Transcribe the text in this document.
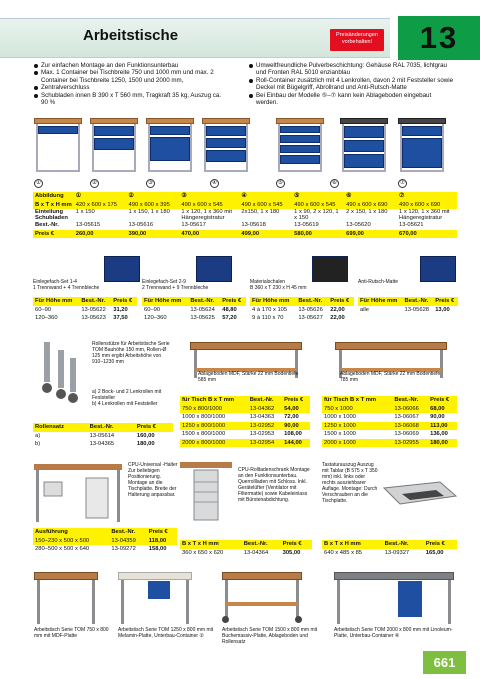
Arbeitstische	Preisänderungen vorbehalten!	13
Zur einfachen Montage an den Funktionsunterbau
Max. 1 Container bei Tischbreite 750 und 1000 mm und max. 2 Container bei Tischbreite 1250, 1500 und 2000 mm,
Zentralverschluss
Schubladen innen B 390 x T 560 mm, Tragkraft 35 kg, Auszug ca. 90 %
Umweltfreundliche Pulverbeschichtung: Gehäuse RAL 7035, lichtgrau und Fronten RAL 5010 enzianblau
Roll-Container zusätzlich mit 4 Lenkrollen, davon 2 mit Feststeller sowie Deckel mit Bügelgriff, Abrollrand und Anti-Rutsch-Matte
Bei Einbau der Modelle ⑤–⑦ kann kein Ablageboden eingebaut werden.
①	②	③	④	⑤	⑥	⑦
Abbildung	①	②	③	④	⑤	⑥	⑦
B x T x H mm	420 x 600 x 175	490 x 600 x 395	490 x 600 x 545	490 x 600 x 545	490 x 600 x 545	490 x 600 x 690	490 x 600 x 690
Einteilung Schubladen	1 x 150	1 x 150, 1 x 180	1 x 120, 1 x 360 mit Hängeregistratur	2x150, 1 x 180	1 x 90, 2 x 120, 1 x 150	2 x 150, 1 x 180	1 x 120, 1 x 360 mit Hängeregistratur
Best.-Nr.	13-05615	13-05616	13-05617	13-05618	13-05619	13-05620	13-05621
Preis €	260,00	390,00	470,00	499,00	580,00	699,00	670,00
Einlegefach-Set 1-4
1 Trennwand + 4 Trennbleche
Einlegefach-Set 2-9
2 Trennwand + 9 Trennbleche
Materialschalen
B 360 x T 230 x H 45 mm
Anti-Rutsch-Matte
Für Höhe mm	Best.-Nr.	Preis €
60–90	13-05622	31,20
120–360	13-05623	37,50
Für Höhe mm	Best.-Nr.	Preis €
60–90	13-05624	48,80
120–360	13-05625	57,20
Für Höhe mm	Best.-Nr.	Preis €
4 à 170 x 105	13-05626	22,00
9 à 110 x 70	13-05627	22,00
Für Höhe mm	Best.-Nr.	Preis €
alle	13-05628	13,00
Rollenstütze für Arbeitstische Serie TOM Bauhöhe 150 mm, Rollen-Ø 125 mm ergibt Arbeitshöhe von 910–1230 mm
a) 2 Bock- und 2 Lenkrollen mit Feststeller
b) 4 Lenkrollen mit Feststeller
Rollensatz	Best.-Nr.	Preis €
a)	13-05614	160,00
b)	13-04365	180,00
Ablageboden MDF, Stärke 22 mm Bodentiefe 585 mm
Ablageboden MDF, Stärke 22 mm Bodentiefe 785 mm
für Tisch B x T mm	Best.-Nr.	Preis €
750 x 800/1000	13-04362	54,00
1000 x 800/1000	13-04363	72,00
1250 x 800/1000	13-02952	90,00
1500 x 800/1000	13-02953	108,00
2000 x 800/1000	13-02954	144,00
für Tisch B x T mm	Best.-Nr.	Preis €
750 x 1000	13-06066	68,00
1000 x 1000	13-06067	90,00
1250 x 1000	13-06068	113,00
1500 x 1000	13-06069	136,00
2000 x 1000	13-02955	180,00
CPU-Universal -Halter Zur beliebigen Positionierung. Montage an die Tischplatte. Breite der Halterung anpassbar.
Ausführung	Best.-Nr.	Preis €
150–230 x 500 x 500	13-04359	118,00
280–500 x 500 x 640	13-09272	158,00
CPU-Rolltadenschrank Montage an den Funktionsunterbau. Querrollladen mit Schloss. Inkl. Gerätelüfter (Ventilator mit Filtermatte) sowie Kabeleinlass mit Bürstenabdichtung.
B x T x H mm	Best.-Nr.	Preis €
360 x 650 x 620	13-04364	305,00
Tastaturauszug Auszug mit Tablar (B 575 x T 350 mm) inkl. links oder rechts ausziehbarer Auflage. Montage: Durch Verschrauben an die Tischplatte.
B x T x H mm	Best.-Nr.	Preis €
640 x 485 x 85	13-09327	165,00
Arbeitstisch Serie TOM 750 x 800 mm mit MDF-Platte
Arbeitstisch Serie TOM 1250 x 800 mm mit Melamin-Platte, Unterbau-Container ②
Arbeitstisch Serie TOM 1500 x 800 mm mit Buchemassiv-Platte, Ablageboden und Rollensatz
Arbeitstisch Serie TOM 2000 x 800 mm mit Linoleum-Platte, Unterbau-Container ⑥
661
